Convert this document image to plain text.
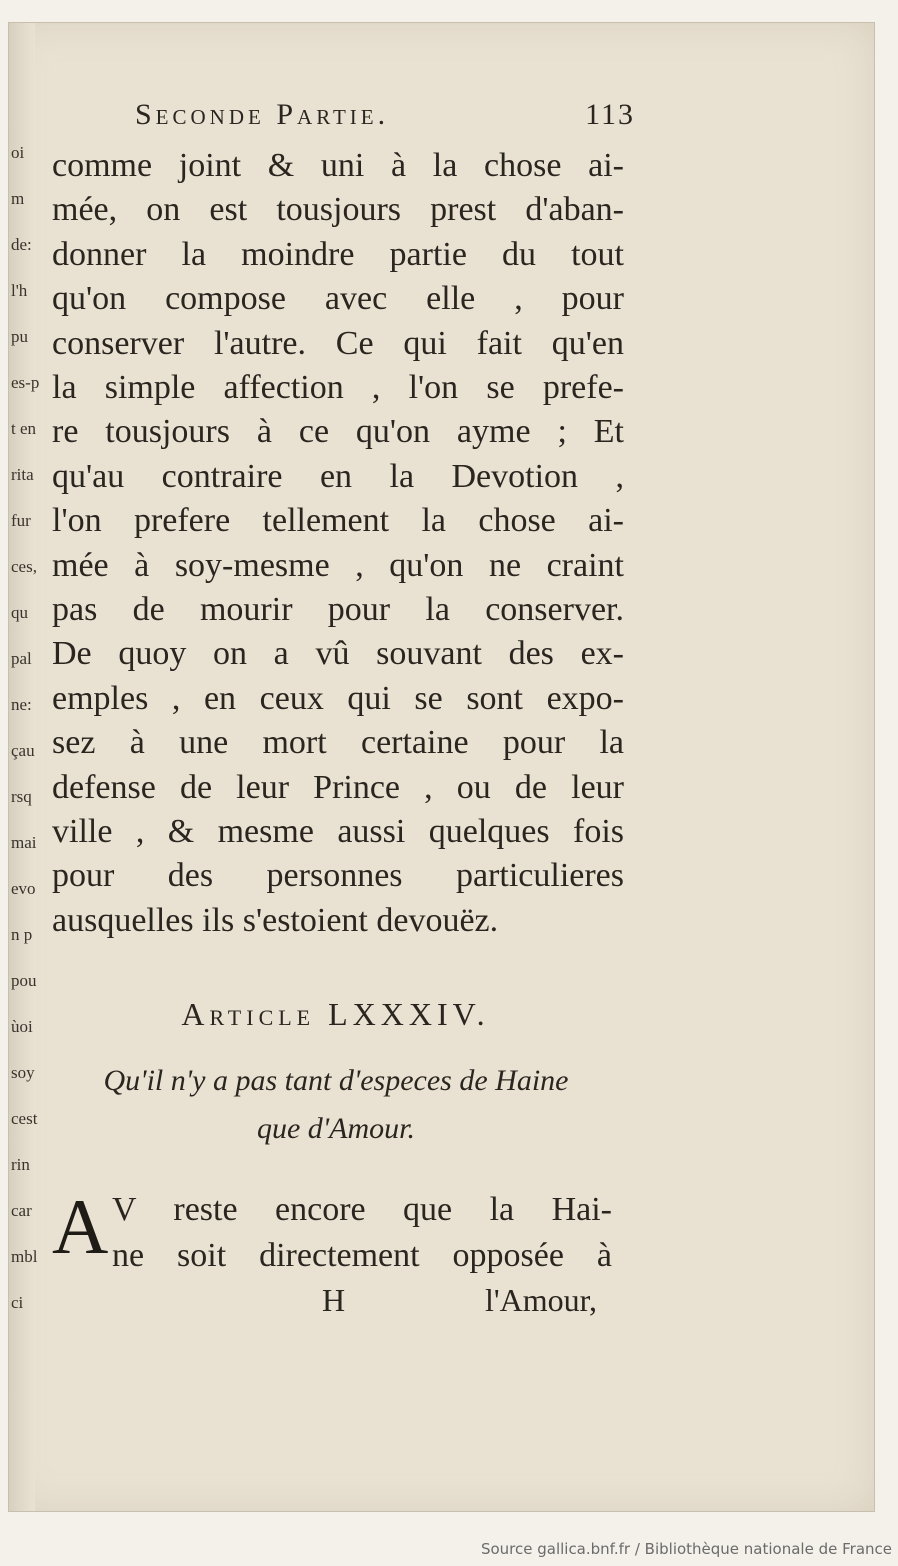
oi
m
de:
l'h
pu
es-p
t en
rita
fur
ces,
qu
pal
ne:
çau
rsq
mai
evo
n p
pou
ùoi
soy
cest
rin
car
mbl
ci
Seconde Partie.	113
comme joint & uni à la chose ai-
mée, on est tousjours prest d'aban-
donner la moindre partie du tout
qu'on compose avec elle , pour
conserver l'autre. Ce qui fait qu'en
la simple affection , l'on se prefe-
re tousjours à ce qu'on ayme ; Et
qu'au contraire en la Devotion ,
l'on prefere tellement la chose ai-
mée à soy-mesme , qu'on ne craint
pas de mourir pour la conserver.
De quoy on a vû souvant des ex-
emples , en ceux qui se sont expo-
sez à une mort certaine pour la
defense de leur Prince , ou de leur
ville , & mesme aussi quelques fois
pour des personnes particulieres
ausquelles ils s'estoient devouëz.
Article LXXXIV.
Qu'il n'y a pas tant d'especes de Haine
que d'Amour.
A V reste encore que la Hai-
ne soit directement opposée à
H	l'Amour,
Source gallica.bnf.fr / Bibliothèque nationale de France
